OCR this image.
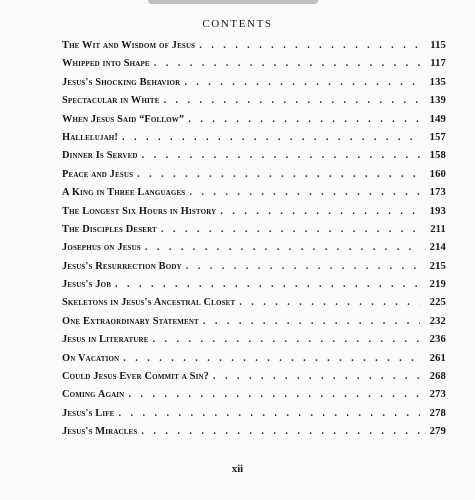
CONTENTS
The Wit and Wisdom of Jesus . . .	115
Whipped into Shape . . .	117
Jesus's Shocking Behavior . . .	135
Spectacular in White . . .	139
When Jesus Said “Follow” . . .	149
Hallelujah! . . .	157
Dinner Is Served . . .	158
Peace and Jesus . . .	160
A King in Three Languages . . .	173
The Longest Six Hours in History . . .	193
The Disciples Desert . . .	211
Josephus on Jesus . . .	214
Jesus's Resurrection Body . . .	215
Jesus's Job . . .	219
Skeletons in Jesus's Ancestral Closet . . .	225
One Extraordinary Statement . . .	232
Jesus in Literature . . .	236
On Vacation . . .	261
Could Jesus Ever Commit a Sin? . . .	268
Coming Again . . .	273
Jesus's Life . . .	278
Jesus's Miracles . . .	279
xii
